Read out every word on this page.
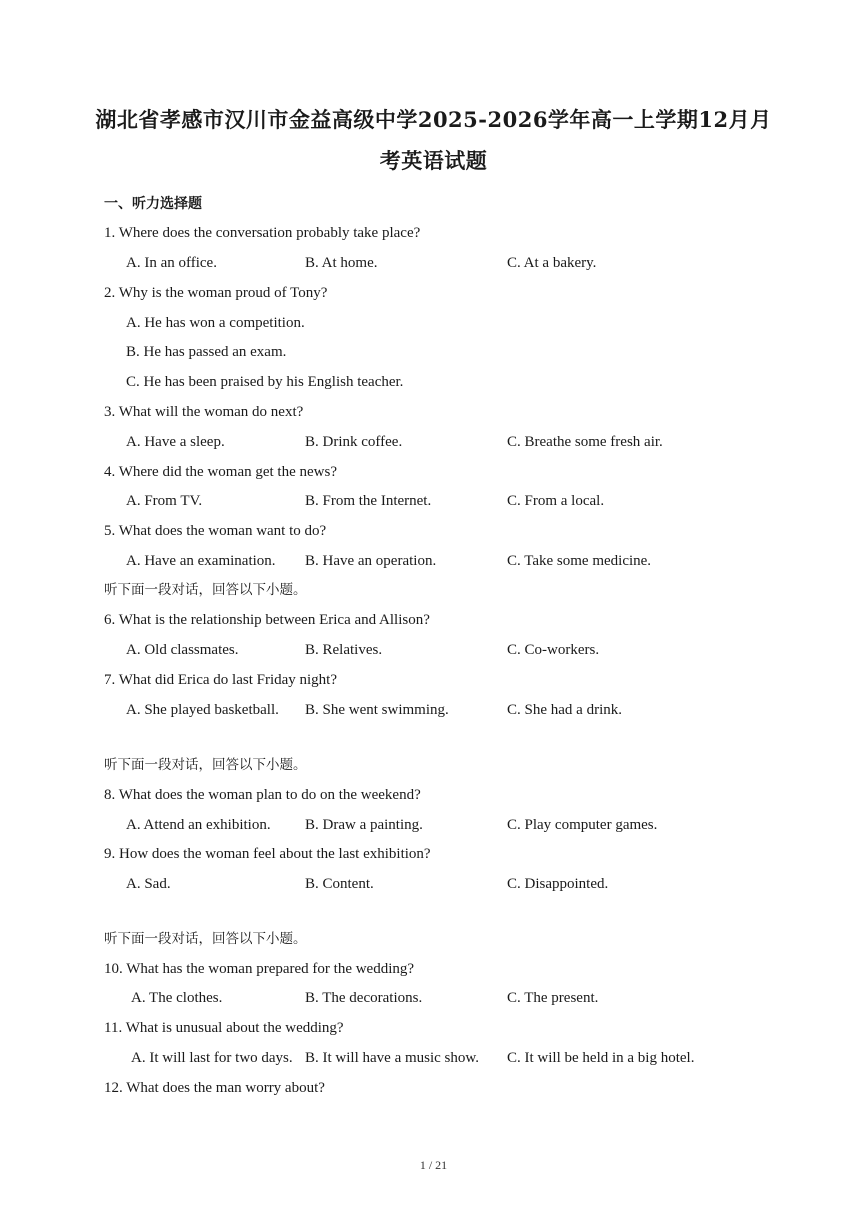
湖北省孝感市汉川市金益高级中学2025-2026学年高一上学期12月月
考英语试题
一、听力选择题
1. Where does the conversation probably take place?
A. In an office.	B. At home.	C. At a bakery.
2. Why is the woman proud of Tony?
A. He has won a competition.
B. He has passed an exam.
C. He has been praised by his English teacher.
3. What will the woman do next?
A. Have a sleep.	B. Drink coffee.	C. Breathe some fresh air.
4. Where did the woman get the news?
A. From TV.	B. From the Internet.	C. From a local.
5. What does the woman want to do?
A. Have an examination. B. Have an operation.	C. Take some medicine.
听下面一段对话，回答以下小题。
6. What is the relationship between Erica and Allison?
A. Old classmates.	B. Relatives.	C. Co-workers.
7. What did Erica do last Friday night?
A. She played basketball. B. She went swimming.	C. She had a drink.
听下面一段对话，回答以下小题。
8. What does the woman plan to do on the weekend?
A. Attend an exhibition. B. Draw a painting.	C. Play computer games.
9. How does the woman feel about the last exhibition?
A. Sad.	B. Content.	C. Disappointed.
听下面一段对话，回答以下小题。
10. What has the woman prepared for the wedding?
A. The clothes.	B. The decorations.	C. The present.
11. What is unusual about the wedding?
A. It will last for two days. B. It will have a music show. C. It will be held in a big hotel.
12. What does the man worry about?
1 / 21
